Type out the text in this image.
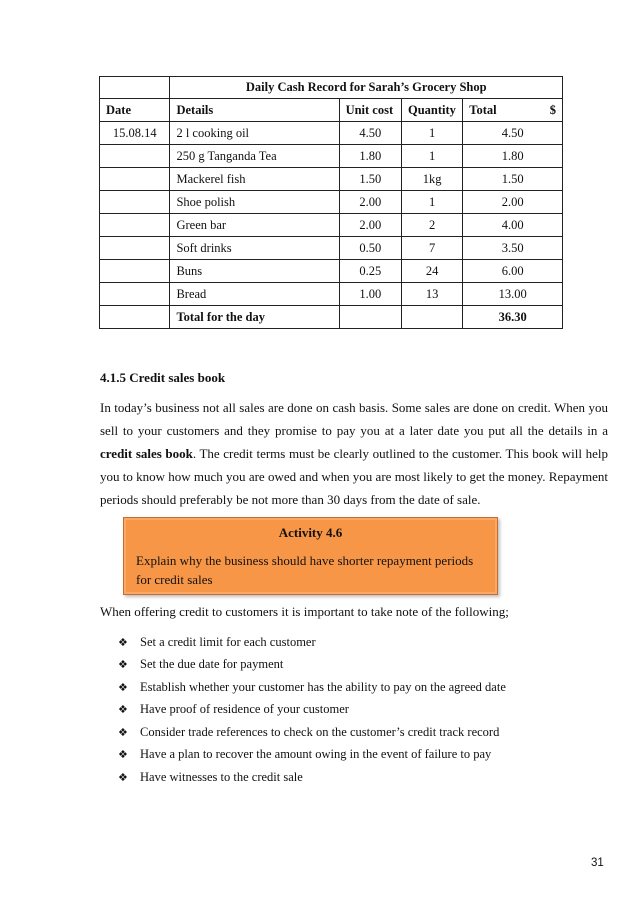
	Daily Cash Record for Sarah’s Grocery Shop			
Date	Details	Unit cost	Quantity	Total $

15.08.14	2 l cooking oil	4.50	1	4.50
	250 g Tanganda Tea	1.80	1	1.80
	Mackerel fish	1.50	1kg	1.50
	Shoe polish	2.00	1	2.00
	Green bar	2.00	2	4.00
	Soft drinks	0.50	7	3.50
	Buns	0.25	24	6.00
	Bread	1.00	13	13.00
	Total for the day			36.30
4.1.5 Credit sales book
In today’s business not all sales are done on cash basis. Some sales are done on credit. When you sell to your customers and they promise to pay you at a later date you put all the details in a credit sales book. The credit terms must be clearly outlined to the customer. This book will help you to know how much you are owed and when you are most likely to get the money. Repayment periods should preferably be not more than 30 days from the date of sale.
Activity 4.6
Explain why the business should have shorter repayment periods for credit sales
When offering credit to customers it is important to take note of the following;
❖ Set a credit limit for each customer
❖ Set the due date for payment
❖ Establish whether your customer has the ability to pay on the agreed date
❖ Have proof of residence of your customer
❖ Consider trade references to check on the customer’s credit track record
❖ Have a plan to recover the amount owing in the event of failure to pay
❖ Have witnesses to the credit sale
31
